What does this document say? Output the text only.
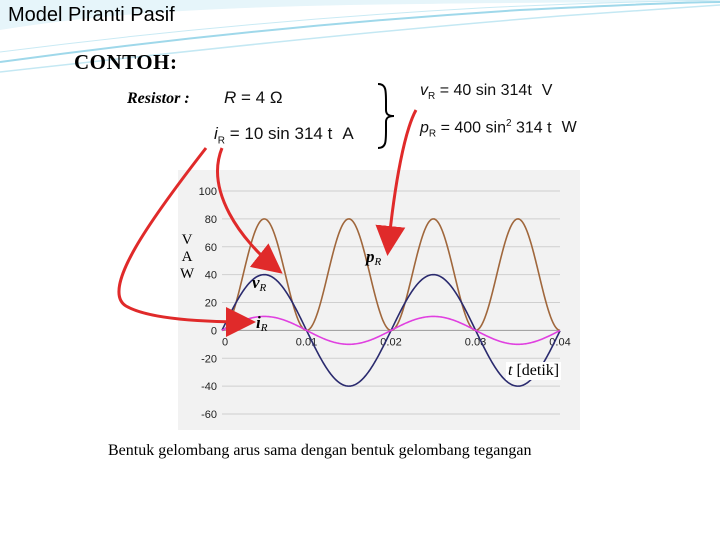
Model Piranti Pasif
CONTOH:
Resistor : R = 4 Ω
$i_R = 10$ sin 314 t A
$v_R = 40$ sin 314t V
$p_R = 400$ $\sin^2 314$ t W
-60
-40
-20
0
20
40
60
80
100
0	0.01	0.02	0.03	0.04
V
A
W
t [detik]
pR
vR
iR
Bentuk gelombang arus sama dengan bentuk gelombang tegangan
